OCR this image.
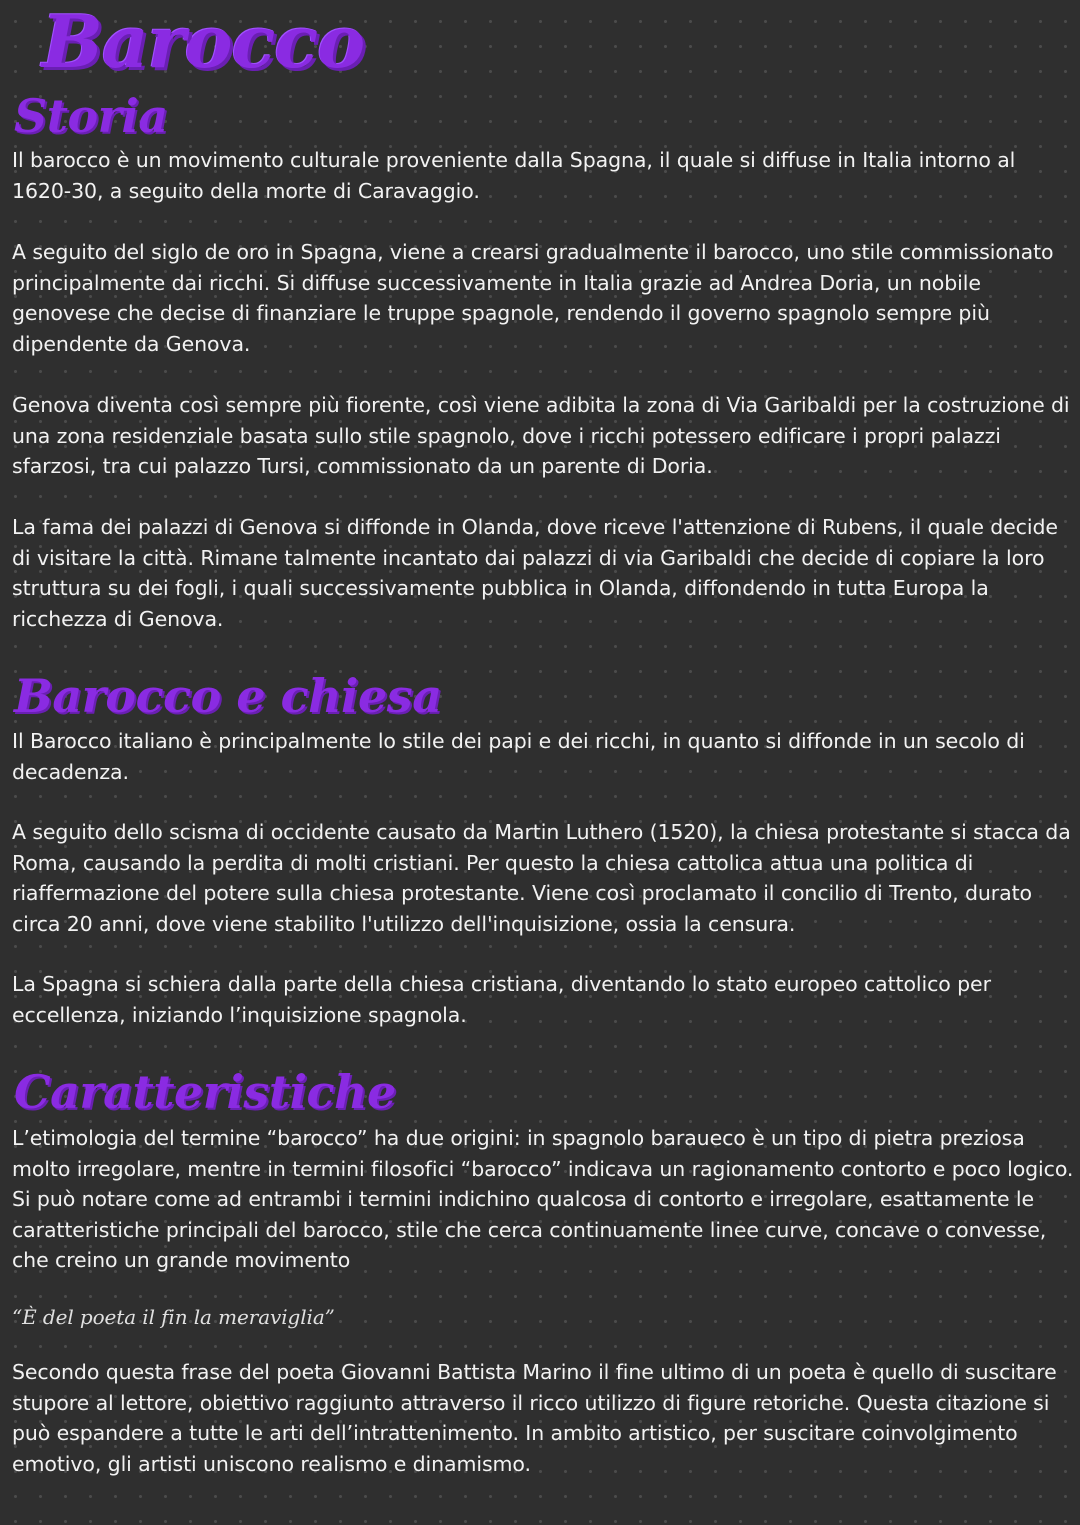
Barocco
Storia

Il barocco è un movimento culturale proveniente dalla Spagna, il quale si diffuse in Italia intorno al 1620-30, a seguito della morte di Caravaggio.

A seguito del siglo de oro in Spagna, viene a crearsi gradualmente il barocco, uno stile commissionato principalmente dai ricchi. Si diffuse successivamente in Italia grazie ad Andrea Doria, un nobile genovese che decise di finanziare le truppe spagnole, rendendo il governo spagnolo sempre più dipendente da Genova.

Genova diventa così sempre più fiorente, così viene adibita la zona di Via Garibaldi per la costruzione di una zona residenziale basata sullo stile spagnolo, dove i ricchi potessero edificare i propri palazzi sfarzosi, tra cui palazzo Tursi, commissionato da un parente di Doria.

La fama dei palazzi di Genova si diffonde in Olanda, dove riceve l'attenzione di Rubens, il quale decide di visitare la città. Rimane talmente incantato dai palazzi di via Garibaldi che decide di copiare la loro struttura su dei fogli, i quali successivamente pubblica in Olanda, diffondendo in tutta Europa la ricchezza di Genova.

Barocco e chiesa

Il Barocco italiano è principalmente lo stile dei papi e dei ricchi, in quanto si diffonde in un secolo di decadenza.

A seguito dello scisma di occidente causato da Martin Luthero (1520), la chiesa protestante si stacca da Roma, causando la perdita di molti cristiani. Per questo la chiesa cattolica attua una politica di riaffermazione del potere sulla chiesa protestante. Viene così proclamato il concilio di Trento, durato circa 20 anni, dove viene stabilito l'utilizzo dell'inquisizione, ossia la censura.

La Spagna si schiera dalla parte della chiesa cristiana, diventando lo stato europeo cattolico per eccellenza, iniziando l’inquisizione spagnola.

Caratteristiche

L’etimologia del termine “barocco” ha due origini: in spagnolo baraueco è un tipo di pietra preziosa molto irregolare, mentre in termini filosofici “barocco” indicava un ragionamento contorto e poco logico. Si può notare come ad entrambi i termini indichino qualcosa di contorto e irregolare, esattamente le caratteristiche principali del barocco, stile che cerca continuamente linee curve, concave o convesse, che creino un grande movimento

“È del poeta il fin la meraviglia”

Secondo questa frase del poeta Giovanni Battista Marino il fine ultimo di un poeta è quello di suscitare stupore al lettore, obiettivo raggiunto attraverso il ricco utilizzo di figure retoriche. Questa citazione si può espandere a tutte le arti dell’intrattenimento. In ambito artistico, per suscitare coinvolgimento emotivo, gli artisti uniscono realismo e dinamismo.
